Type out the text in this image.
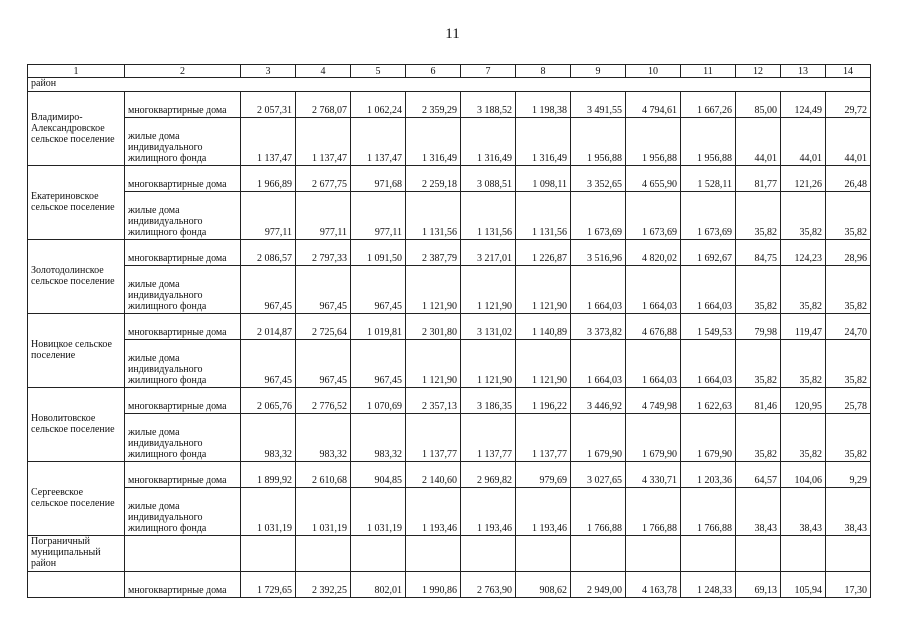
11
1	2	3	4	5	6	7	8	9	10	11	12	13	14
район													
Владимиро-Александровское сельское поселение	многоквартирные дома	2 057,31	2 768,07	1 062,24	2 359,29	3 188,52	1 198,38	3 491,55	4 794,61	1 667,26	85,00	124,49	29,72
	жилые дома индивидуального жилищного фонда	1 137,47	1 137,47	1 137,47	1 316,49	1 316,49	1 316,49	1 956,88	1 956,88	1 956,88	44,01	44,01	44,01
Екатериновское сельское поселение	многоквартирные дома	1 966,89	2 677,75	971,68	2 259,18	3 088,51	1 098,11	3 352,65	4 655,90	1 528,11	81,77	121,26	26,48
	жилые дома индивидуального жилищного фонда	977,11	977,11	977,11	1 131,56	1 131,56	1 131,56	1 673,69	1 673,69	1 673,69	35,82	35,82	35,82
Золотодолинское сельское поселение	многоквартирные дома	2 086,57	2 797,33	1 091,50	2 387,79	3 217,01	1 226,87	3 516,96	4 820,02	1 692,67	84,75	124,23	28,96
	жилые дома индивидуального жилищного фонда	967,45	967,45	967,45	1 121,90	1 121,90	1 121,90	1 664,03	1 664,03	1 664,03	35,82	35,82	35,82
Новицкое сельское поселение	многоквартирные дома	2 014,87	2 725,64	1 019,81	2 301,80	3 131,02	1 140,89	3 373,82	4 676,88	1 549,53	79,98	119,47	24,70
	жилые дома индивидуального жилищного фонда	967,45	967,45	967,45	1 121,90	1 121,90	1 121,90	1 664,03	1 664,03	1 664,03	35,82	35,82	35,82
Новолитовское сельское поселение	многоквартирные дома	2 065,76	2 776,52	1 070,69	2 357,13	3 186,35	1 196,22	3 446,92	4 749,98	1 622,63	81,46	120,95	25,78
	жилые дома индивидуального жилищного фонда	983,32	983,32	983,32	1 137,77	1 137,77	1 137,77	1 679,90	1 679,90	1 679,90	35,82	35,82	35,82
Сергеевское сельское поселение	многоквартирные дома	1 899,92	2 610,68	904,85	2 140,60	2 969,82	979,69	3 027,65	4 330,71	1 203,36	64,57	104,06	9,29
	жилые дома индивидуального жилищного фонда	1 031,19	1 031,19	1 031,19	1 193,46	1 193,46	1 193,46	1 766,88	1 766,88	1 766,88	38,43	38,43	38,43
Пограничный муниципальный район													
	многоквартирные дома	1 729,65	2 392,25	802,01	1 990,86	2 763,90	908,62	2 949,00	4 163,78	1 248,33	69,13	105,94	17,30
